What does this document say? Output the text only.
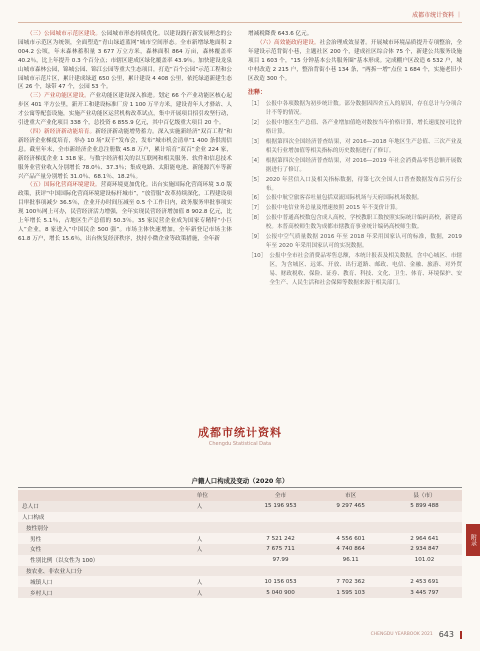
成都市统计资料 ｜

（三）公园城市示范区建设。公园城市形态持续优化。以建设践行新发展理念的公园城市示范区为统领，全面塑造“青山绿道蓝网”城市空间形态。全市新增绿地面积 2 004.2 公顷，年末森林蓄积量 3 677 万立方米，森林面积 864 万亩，森林覆盖率 40.2％，比上年提升 0.3 个百分点；市辖区建成区绿化覆盖率 43.9％。加快建设龙泉山城市森林公园，锦城公园、锦江公园等重大生态项目，打造“百个公园”示范工程和公园城市示范片区，累计建成绿道 650 公里，累计建设 4 408 公里，依托绿道新建生态区 26 个，绿带 47 个，公园 53 个。

（三）产业功能区建设。产业功能区建设深入推进。划定 66 个产业功能区核心起步区 401 平方公里，新开工和建设标准厂房 1 100 万平方米，建设青年人才驿站、人才公寓等配套设施，实施产业功能区运营机构改革试点，集中开展项目招引攻坚行动，引进重大产业化项目 338 个，总投资 6 855.9 亿元，其中百亿级重大项目 20 个。

（四）新经济新动能培育。新经济新动能增势蓄力。深入实施新经济“双百工程”和新经济企业梯度培育，举办 10 场“双千”发布会，发布“城市机会清单”1 400 条供需信息。截至年末，全市新经济企业总注册数 45.8 万户，累计培育“双百”企业 224 家，新经济梯度企业 1 318 家。与数字经济相关的以互联网和相关服务、软件和信息技术服务业营业收入分别增长 78.0％、37.3％；集成电路、太阳能电池、新能源汽车等新兴产品产量分别增长 31.0％、68.1％、18.2％。

（五）国际化营商环境建设。营商环境更加优化。出台实施国际化营商环境 3.0 版政策，获评“中国国际化营商环境建设标杆城市”，“放管服”改革持续深化，工程建设项目审批事项减少 36.5％，企业开办时间压减至 0.5 个工作日内，政务服务审批事项实现 100％网上可办，民营经济活力增强，全年实现民营经济增加值 8 902.8 亿元，比上年增长 5.1％，占地区生产总值的 50.3％。35 家民营企业成为国家专精特“小巨人”企业，8 家进入“中国民企 500 强”。市场主体快速增加，全年新登记市场主体 61.8 万户，增长 15.6％，出台恢复经济秩序，扶持小微企业等政策措施，全年新

增减税降费 643.6 亿元。

（六）高效能政府建设。社会治理成效显著。开展城市环境品质提升专项整治，全年建设示范背街小巷，主题社区 200 个，建成社区综合体 75 个，新建公共服务设施项目 1 603 个，“15 分钟基本公共服务圈”基本形成。完成棚户区改造 6 532 户，城中村改造 2 215 户，整治背街小巷 134 条，“两拆一增”点位 1 684 个，实施老旧小区改造 300 个。

注释：
［1］ 公报中各项数据为初步统计数。部分数据因四舍五入的原因，存在总计与分项合计不等的情况。
［2］ 公报中地区生产总值、各产业增加值绝对数按当年价格计算，增长速度按可比价格计算。
［3］ 根据第四次全国经济普查结果，对 2016—2018 年地区生产总值、三次产业及相关行业增加值等相关指标的历史数据进行了修订。
［4］ 根据第四次全国经济普查结果，对 2016—2019 年社会消费品零售总额开展数据进行了修订。
［5］ 2020 年营信入口及相关指标数据，待第七次全国人口普查数据发布后另行公布。
［6］ 公报中航空旅客吞吐量包括双流国际机场与天府国际机场数据。
［7］ 公报中电信业务总量及增速按照 2015 年不变价计算。
［8］ 公报中普通高校数包含成人高校，学校教职工数按照实际统计编码高校，新建高校。本普高校师生数为成都市辖教育事业统计编码高校师生数。
［9］ 公报中空气质量数据 2016 年至 2018 年采用国家认可的标准，数据，2019 年至 2020 年采用国家认可的实况数据。
［10］ 公报中全市社会消费品零售总额，本统计报表及相关数据，含中心城区、市辖区，为含城区、远郊、开放、出行道路、邮政、电信、金融、旅游、对外贸易、财政税收、保险、证券、教育、科技、文化、卫生、体育、环境保护、安全生产、人民生活和社会保障等数据来源于相关部门。
成都市统计资料
Chengdu Statistical Data
户籍人口构成及变动（2020 年）
	单位	全市	市区	县（市）
总人口	人	15 196 953	9 297 465	5 899 488
人口构成				
按性别分				
男性	人	7 521 242	4 556 601	2 964 641
女性	人	7 675 711	4 740 864	2 934 847
性别比例（以女性为 100）		97.99	96.11	101.02
按农业、非农业人口分				
城镇人口	人	10 156 053	7 702 362	2 453 691
乡村人口	人	5 040 900	1 595 103	3 445 797
附录
CHENGDU YEARBOOK 2021 643
